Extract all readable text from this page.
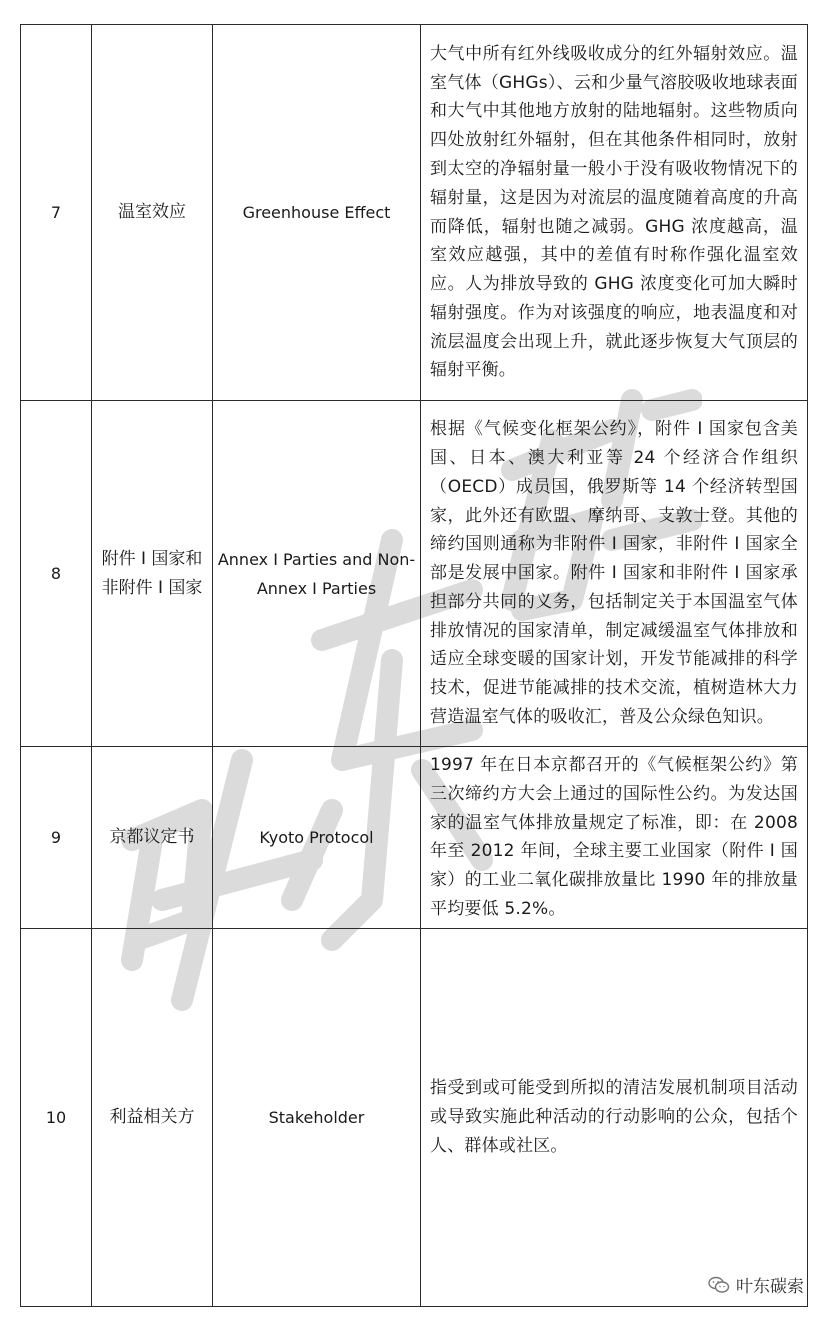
7	温室效应	Greenhouse Effect	大气中所有红外线吸收成分的红外辐射效应。温室气体（GHGs）、云和少量气溶胶吸收地球表面和大气中其他地方放射的陆地辐射。这些物质向四处放射红外辐射，但在其他条件相同时，放射到太空的净辐射量一般小于没有吸收物情况下的辐射量，这是因为对流层的温度随着高度的升高而降低，辐射也随之减弱。GHG 浓度越高，温室效应越强，其中的差值有时称作强化温室效应。人为排放导致的 GHG 浓度变化可加大瞬时辐射强度。作为对该强度的响应，地表温度和对流层温度会出现上升，就此逐步恢复大气顶层的辐射平衡。
8	附件 I 国家和非附件 I 国家	Annex I Parties and Non-Annex I Parties	根据《气候变化框架公约》，附件 I 国家包含美国、日本、澳大利亚等 24 个经济合作组织（OECD）成员国，俄罗斯等 14 个经济转型国家，此外还有欧盟、摩纳哥、支敦士登。其他的缔约国则通称为非附件 I 国家，非附件 I 国家全部是发展中国家。附件 I 国家和非附件 I 国家承担部分共同的义务，包括制定关于本国温室气体排放情况的国家清单，制定减缓温室气体排放和适应全球变暖的国家计划，开发节能减排的科学技术，促进节能减排的技术交流，植树造林大力营造温室气体的吸收汇，普及公众绿色知识。
9	京都议定书	Kyoto Protocol	1997 年在日本京都召开的《气候框架公约》第三次缔约方大会上通过的国际性公约。为发达国家的温室气体排放量规定了标准，即：在 2008 年至 2012 年间，全球主要工业国家（附件 I 国家）的工业二氧化碳排放量比 1990 年的排放量平均要低 5.2%。
10	利益相关方	Stakeholder	指受到或可能受到所拟的清洁发展机制项目活动或导致实施此种活动的行动影响的公众，包括个人、群体或社区。
叶东碳索
